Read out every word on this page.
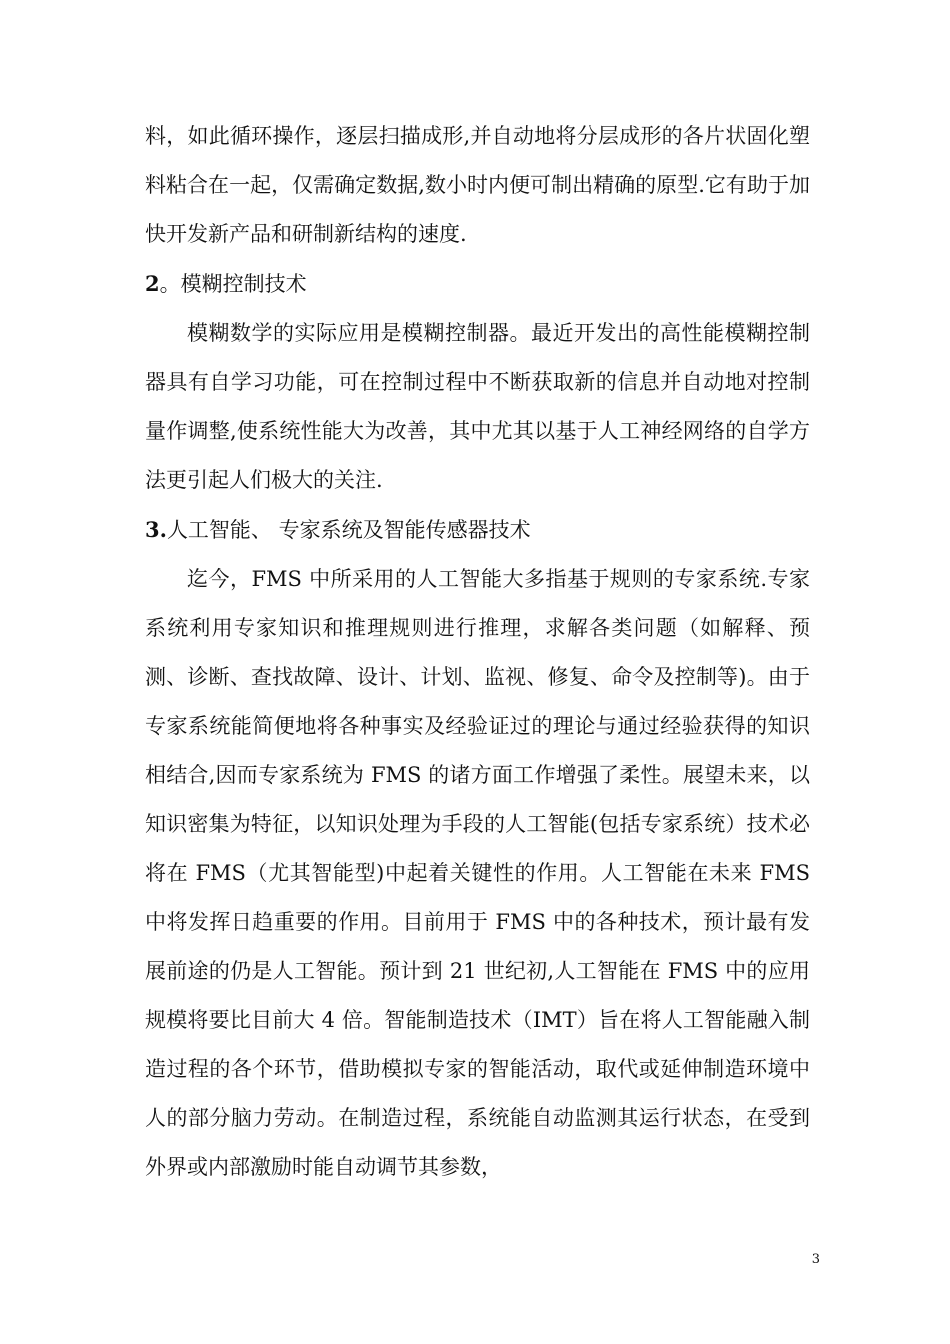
料，如此循环操作，逐层扫描成形,并自动地将分层成形的各片状固化塑料粘合在一起，仅需确定数据,数小时内便可制出精确的原型.它有助于加快开发新产品和研制新结构的速度.

2。模糊控制技术

模糊数学的实际应用是模糊控制器。最近开发出的高性能模糊控制器具有自学习功能，可在控制过程中不断获取新的信息并自动地对控制量作调整,使系统性能大为改善，其中尤其以基于人工神经网络的自学方法更引起人们极大的关注.

3.人工智能、 专家系统及智能传感器技术

迄今，FMS 中所采用的人工智能大多指基于规则的专家系统.专家系统利用专家知识和推理规则进行推理，求解各类问题（如解释、预测、诊断、查找故障、设计、计划、监视、修复、命令及控制等)。由于专家系统能简便地将各种事实及经验证过的理论与通过经验获得的知识相结合,因而专家系统为 FMS 的诸方面工作增强了柔性。展望未来，以知识密集为特征，以知识处理为手段的人工智能(包括专家系统）技术必将在 FMS（尤其智能型)中起着关键性的作用。人工智能在未来 FMS 中将发挥日趋重要的作用。目前用于 FMS 中的各种技术，预计最有发展前途的仍是人工智能。预计到 21 世纪初,人工智能在 FMS 中的应用规模将要比目前大 4 倍。智能制造技术（IMT）旨在将人工智能融入制造过程的各个环节，借助模拟专家的智能活动，取代或延伸制造环境中人的部分脑力劳动。在制造过程，系统能自动监测其运行状态，在受到外界或内部激励时能自动调节其参数，

3
